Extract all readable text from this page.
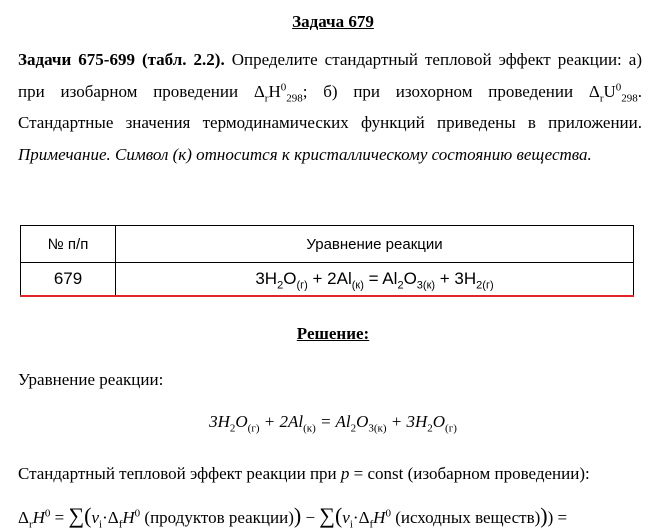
Задача 679
Задачи 675-699 (табл. 2.2). Определите стандартный тепловой эффект реакции: а) при изобарном проведении $\Delta_rH^0_{298}$; б) при изохорном проведении $\Delta_rU^0_{298}$. Стандартные значения термодинамических функций приведены в приложении. Примечание. Символ (к) относится к кристаллическому состоянию вещества.
№ п/п	Уравнение реакции
679	$3H_2O_{(г)} + 2Al_{(к)} = Al_2O_{3(к)} + 3H_{2(г)}$
Решение:
Уравнение реакции:
$3H_2O_{(г)} + 2Al_{(к)} = Al_2O_{3(к)} + 3H_2O_{(г)}$
Стандартный тепловой эффект реакции при p = const (изобарном проведении):
$\Delta_rH^0 = \sum(\nu_i\cdot\Delta_fH^0$ (продуктов реакции)) − $\sum(\nu_i\cdot\Delta_fH^0$ (исходных веществ))) =
